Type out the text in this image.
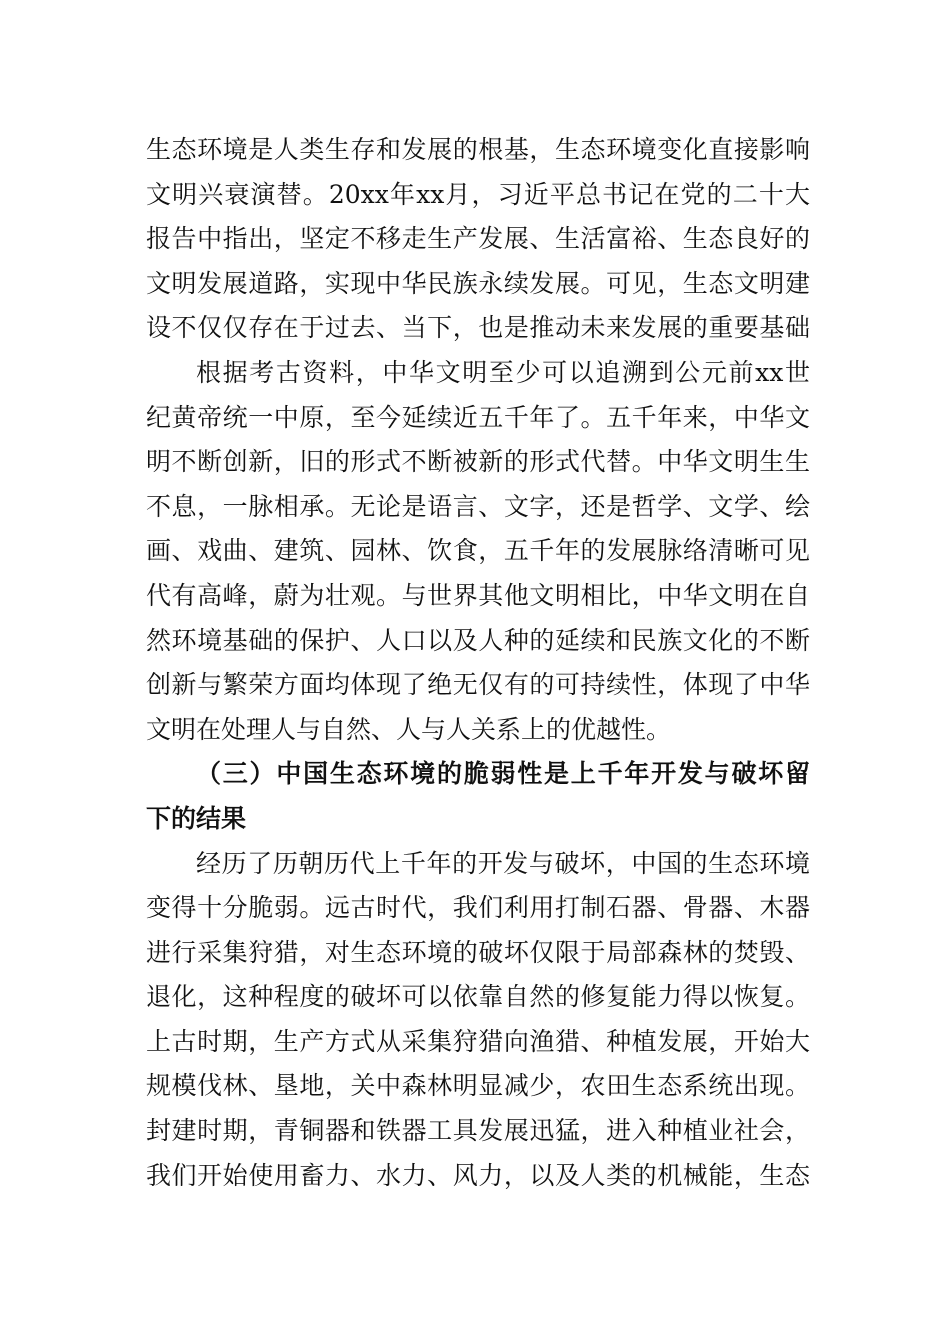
生态环境是人类生存和发展的根基，生态环境变化直接影响
文明兴衰演替。20xx年xx月，习近平总书记在党的二十大
报告中指出，坚定不移走生产发展、生活富裕、生态良好的
文明发展道路，实现中华民族永续发展。可见，生态文明建
设不仅仅存在于过去、当下，也是推动未来发展的重要基础
根据考古资料，中华文明至少可以追溯到公元前xx世
纪黄帝统一中原，至今延续近五千年了。五千年来，中华文
明不断创新，旧的形式不断被新的形式代替。中华文明生生
不息，一脉相承。无论是语言、文字，还是哲学、文学、绘
画、戏曲、建筑、园林、饮食，五千年的发展脉络清晰可见
代有高峰，蔚为壮观。与世界其他文明相比，中华文明在自
然环境基础的保护、人口以及人种的延续和民族文化的不断
创新与繁荣方面均体现了绝无仅有的可持续性，体现了中华
文明在处理人与自然、人与人关系上的优越性。
（三）中国生态环境的脆弱性是上千年开发与破坏留
下的结果
经历了历朝历代上千年的开发与破坏，中国的生态环境
变得十分脆弱。远古时代，我们利用打制石器、骨器、木器
进行采集狩猎，对生态环境的破坏仅限于局部森林的焚毁、
退化，这种程度的破坏可以依靠自然的修复能力得以恢复。
上古时期，生产方式从采集狩猎向渔猎、种植发展，开始大
规模伐林、垦地，关中森林明显减少，农田生态系统出现。
封建时期，青铜器和铁器工具发展迅猛，进入种植业社会，
我们开始使用畜力、水力、风力，以及人类的机械能，生态
